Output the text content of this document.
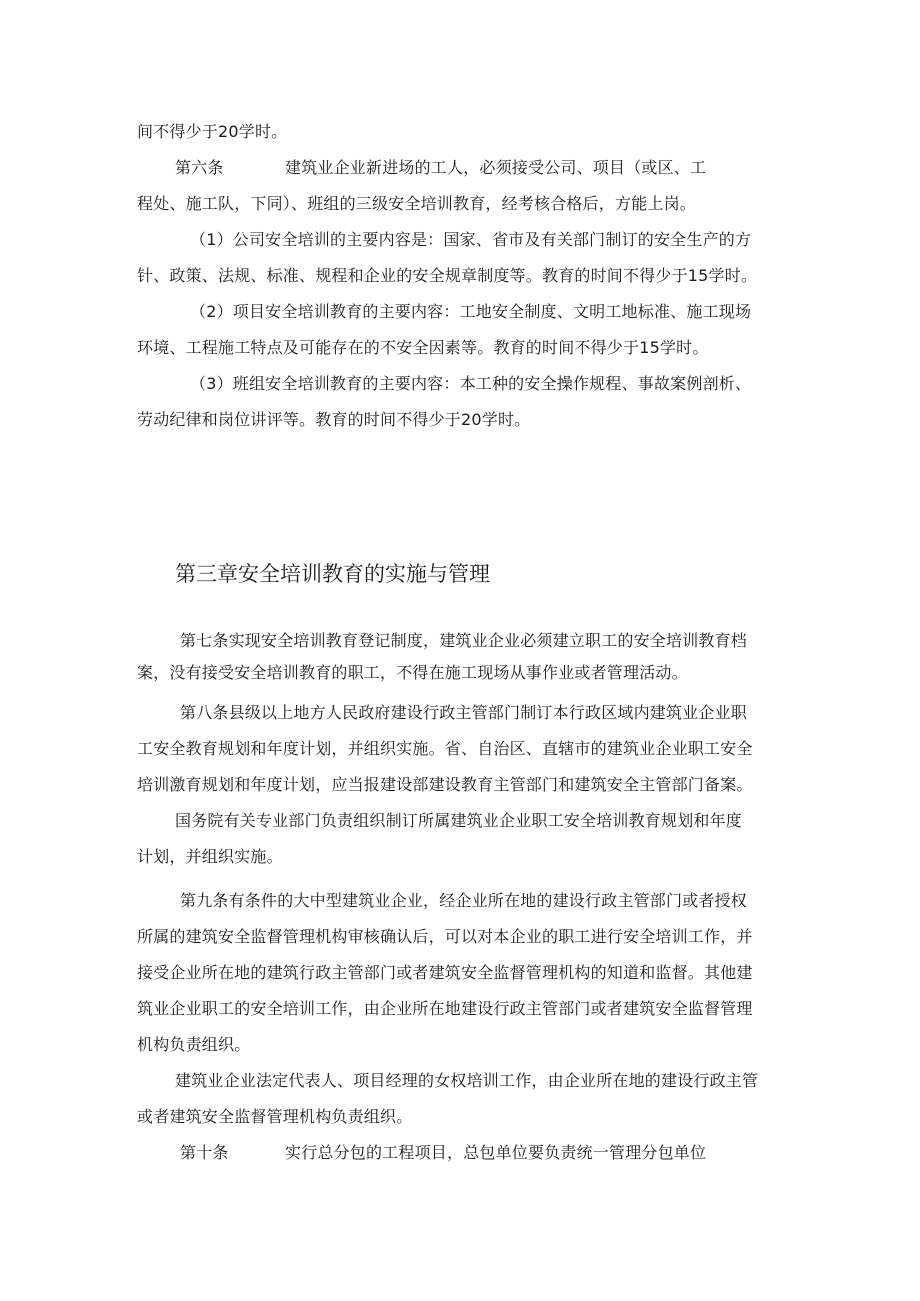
间不得少于20学时。
第六条	建筑业企业新进场的工人，必须接受公司、项目（或区、工
程处、施工队，下同）、班组的三级安全培训教育，经考核合格后，方能上岗。
（1）公司安全培训的主要内容是：国家、省市及有关部门制订的安全生产的方
针、政策、法规、标准、规程和企业的安全规章制度等。教育的时间不得少于15学时。
（2）项目安全培训教育的主要内容：工地安全制度、文明工地标准、施工现场
环境、工程施工特点及可能存在的不安全因素等。教育的时间不得少于15学时。
（3）班组安全培训教育的主要内容：本工种的安全操作规程、事故案例剖析、
劳动纪律和岗位讲评等。教育的时间不得少于20学时。
第三章安全培训教育的实施与管理
第七条实现安全培训教育登记制度，建筑业企业必须建立职工的安全培训教育档
案，没有接受安全培训教育的职工，不得在施工现场从事作业或者管理活动。
第八条县级以上地方人民政府建设行政主管部门制订本行政区域内建筑业企业职
工安全教育规划和年度计划，并组织实施。省、自治区、直辖市的建筑业企业职工安全
培训激育规划和年度计划，应当报建设部建设教育主管部门和建筑安全主管部门备案。
国务院有关专业部门负责组织制订所属建筑业企业职工安全培训教育规划和年度
计划，并组织实施。
第九条有条件的大中型建筑业企业，经企业所在地的建设行政主管部门或者授权
所属的建筑安全监督管理机构审核确认后，可以对本企业的职工进行安全培训工作，并
接受企业所在地的建筑行政主管部门或者建筑安全监督管理机构的知道和监督。其他建
筑业企业职工的安全培训工作，由企业所在地建设行政主管部门或者建筑安全监督管理
机构负责组织。
建筑业企业法定代表人、项目经理的女权培训工作，由企业所在地的建设行政主管
或者建筑安全监督管理机构负责组织。
第十条	实行总分包的工程项目，总包单位要负责统一管理分包单位
